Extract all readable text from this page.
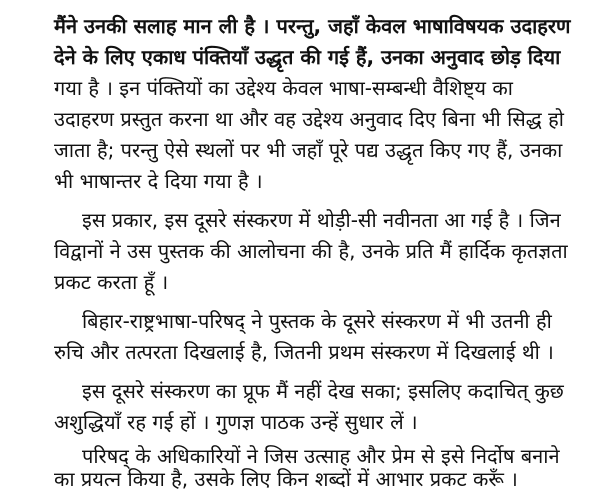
मैंने उनकी सलाह मान ली है । परन्तु, जहाँ केवल भाषाविषयक उदाहरण
देने के लिए एकाध पंक्तियाँ उद्धृत की गई हैं, उनका अनुवाद छोड़ दिया
गया है । इन पंक्तियों का उद्देश्य केवल भाषा-सम्बन्धी वैशिष्ट्य का
उदाहरण प्रस्तुत करना था और वह उद्देश्य अनुवाद दिए बिना भी सिद्ध हो
जाता है; परन्तु ऐसे स्थलों पर भी जहाँ पूरे पद्य उद्धृत किए गए हैं, उनका
भी भाषान्तर दे दिया गया है ।
इस प्रकार, इस दूसरे संस्करण में थोड़ी-सी नवीनता आ गई है । जिन
विद्वानों ने उस पुस्तक की आलोचना की है, उनके प्रति मैं हार्दिक कृतज्ञता
प्रकट करता हूँ ।
बिहार-राष्ट्रभाषा-परिषद् ने पुस्तक के दूसरे संस्करण में भी उतनी ही
रुचि और तत्परता दिखलाई है, जितनी प्रथम संस्करण में दिखलाई थी ।
इस दूसरे संस्करण का प्रूफ मैं नहीं देख सका; इसलिए कदाचित् कुछ
अशुद्धियाँ रह गई हों । गुणज्ञ पाठक उन्हें सुधार लें ।
परिषद् के अधिकारियों ने जिस उत्साह और प्रेम से इसे निर्दोष बनाने
का प्रयत्न किया है, उसके लिए किन शब्दों में आभार प्रकट करूँ ।
